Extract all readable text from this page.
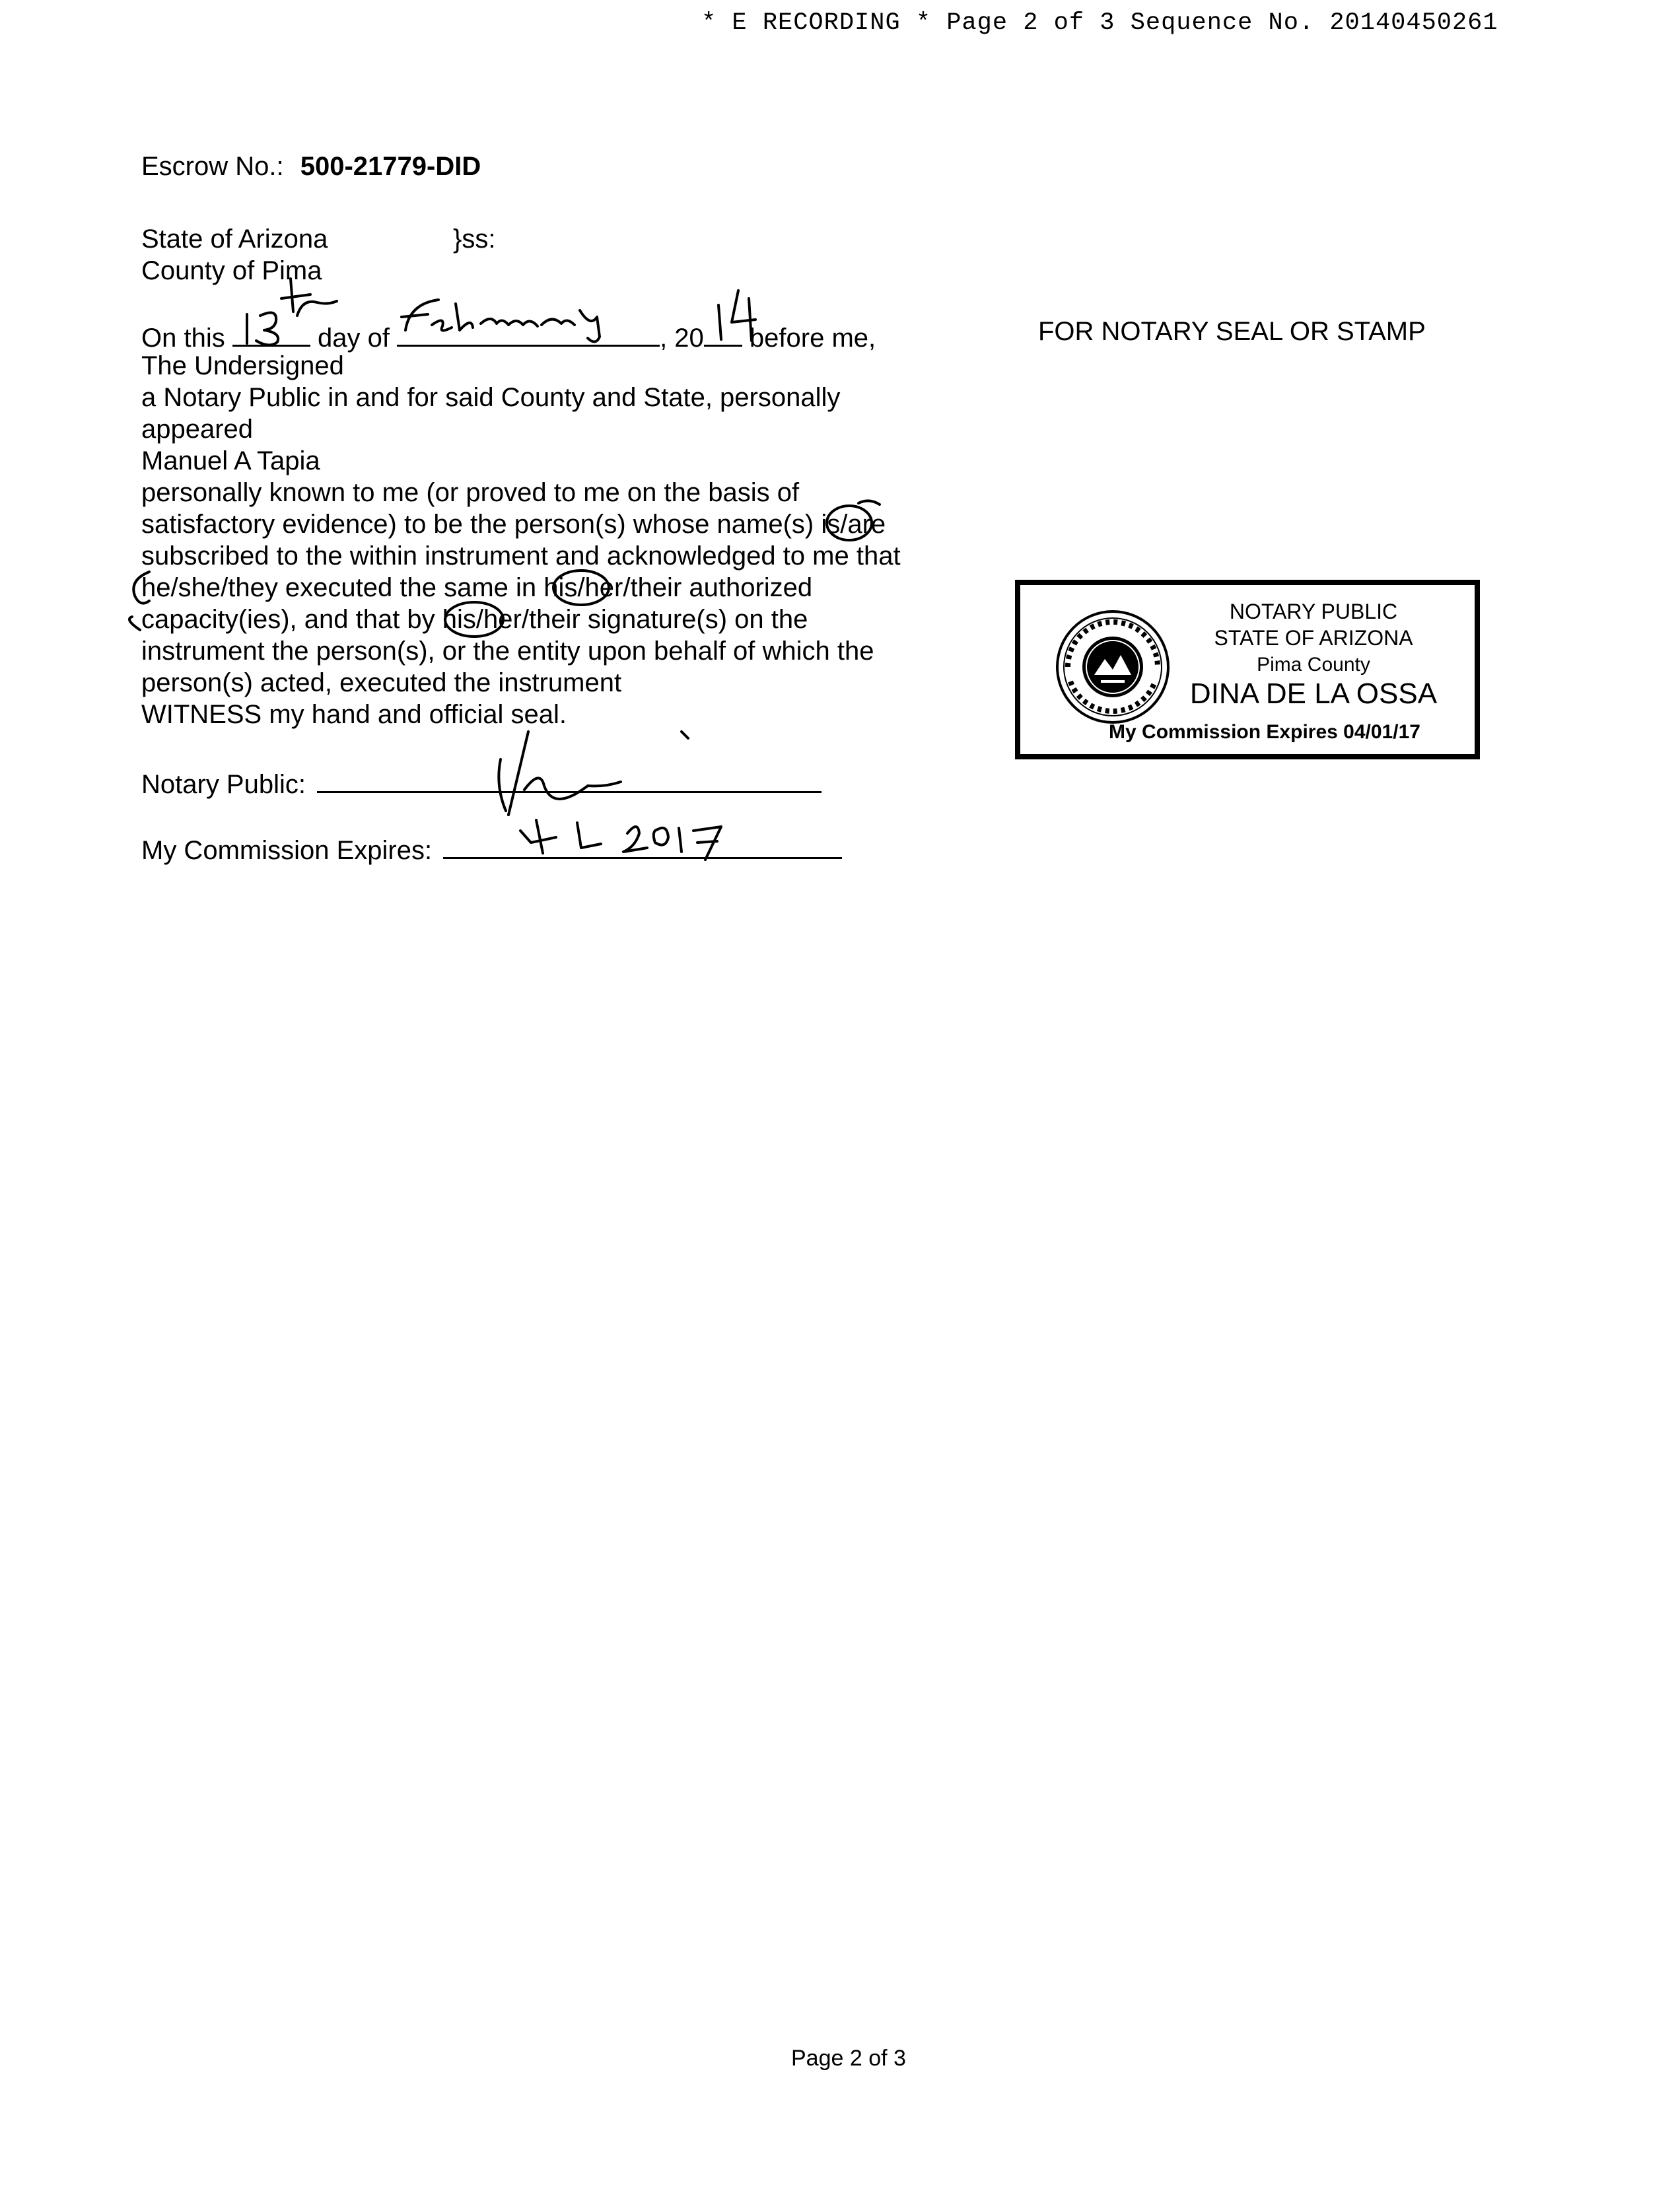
* E RECORDING * Page 2 of 3 Sequence No. 20140450261
Escrow No.: 500-21779-DID
State of Arizona	}ss:
County of Pima
On this	day of	, 20 before me,
The Undersigned
a Notary Public in and for said County and State, personally
appeared
Manuel A Tapia
personally known to me (or proved to me on the basis of
satisfactory evidence) to be the person(s) whose name(s) is/are
subscribed to the within instrument and acknowledged to me that
he/she/they executed the same in his/her/their authorized
capacity(ies), and that by his/her/their signature(s) on the
instrument the person(s), or the entity upon behalf of which the
person(s) acted, executed the instrument
WITNESS my hand and official seal.
Notary Public:
My Commission Expires:
FOR NOTARY SEAL OR STAMP
NOTARY PUBLIC
STATE OF ARIZONA
Pima County
DINA DE LA OSSA
My Commission Expires 04/01/17
Page 2 of 3
